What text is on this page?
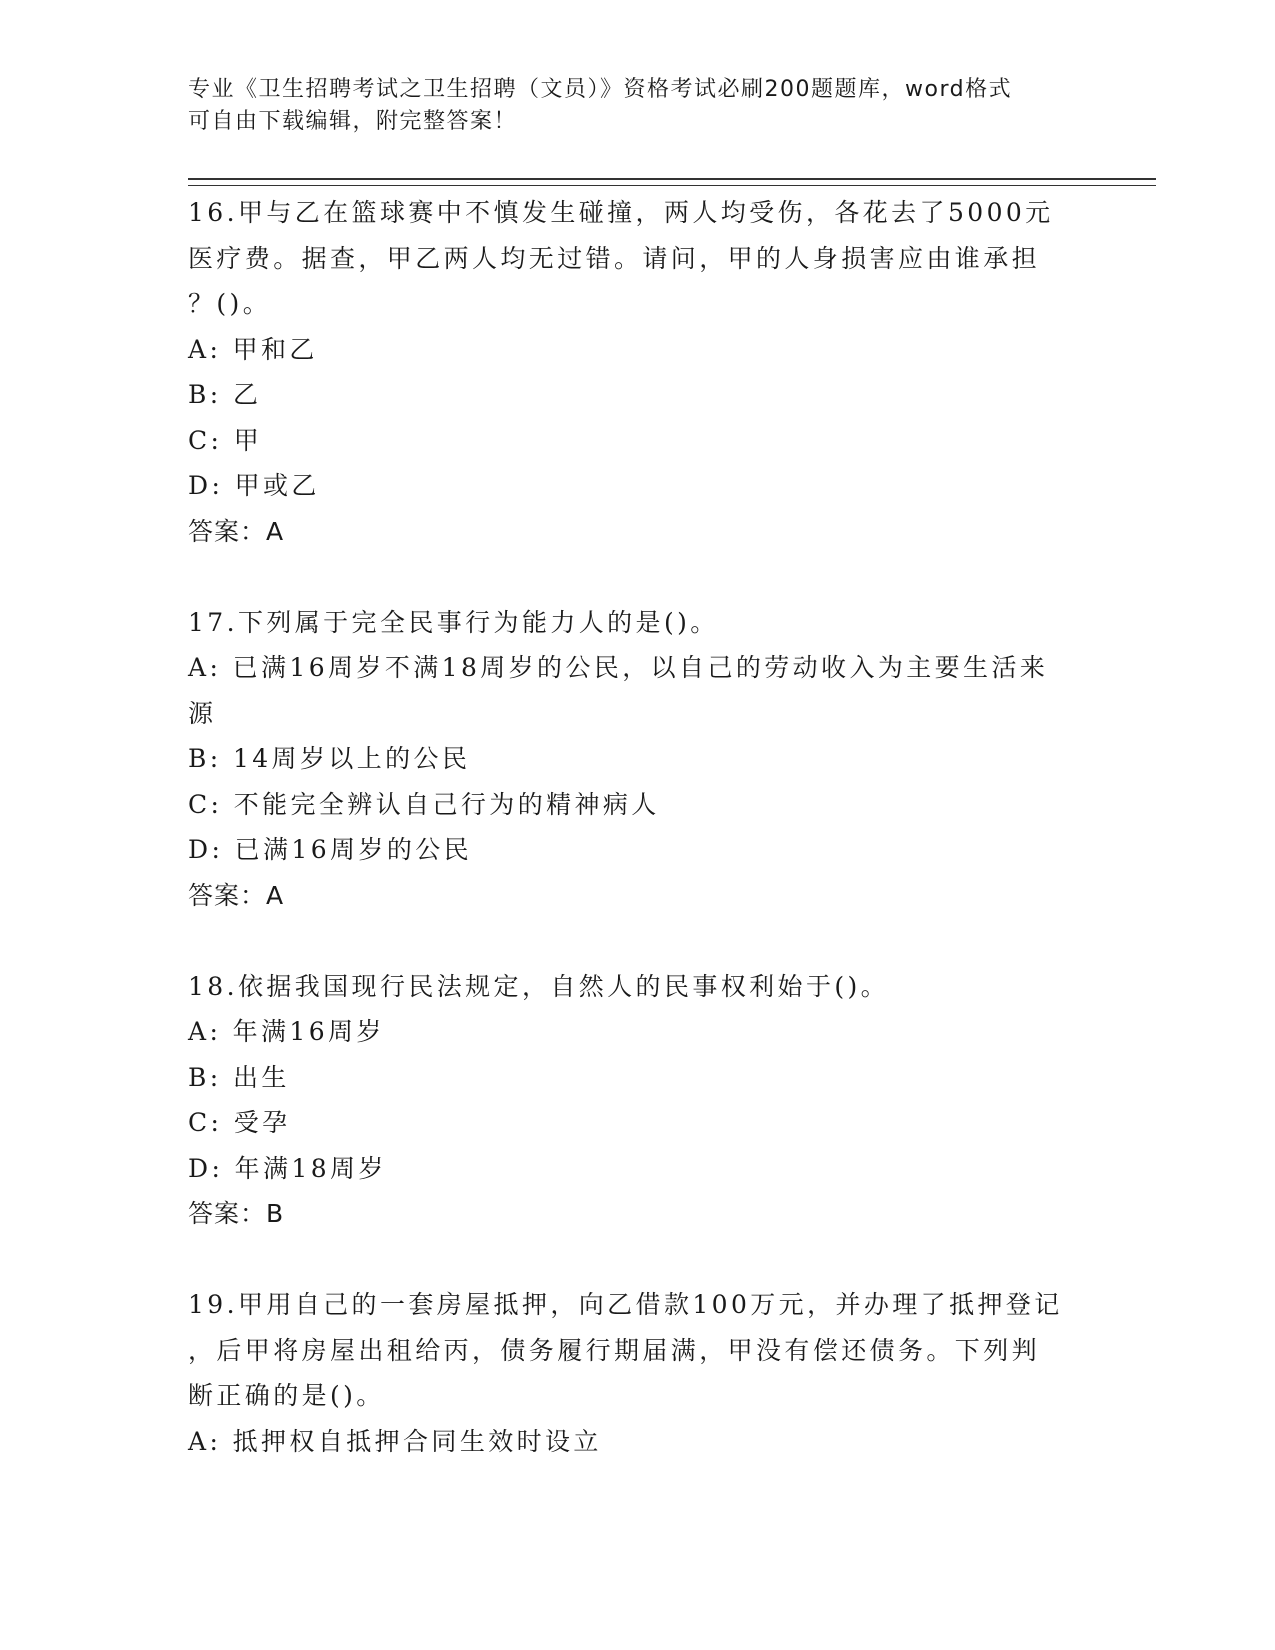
专业《卫生招聘考试之卫生招聘（文员）》资格考试必刷200题题库，word格式
可自由下载编辑，附完整答案！
16.甲与乙在篮球赛中不慎发生碰撞，两人均受伤，各花去了5000元
医疗费。据查，甲乙两人均无过错。请问，甲的人身损害应由谁承担
？()。
A: 甲和乙
B: 乙
C: 甲
D: 甲或乙
答案：A
17.下列属于完全民事行为能力人的是()。
A: 已满16周岁不满18周岁的公民，以自己的劳动收入为主要生活来
源
B: 14周岁以上的公民
C: 不能完全辨认自己行为的精神病人
D: 已满16周岁的公民
答案：A
18.依据我国现行民法规定，自然人的民事权利始于()。
A: 年满16周岁
B: 出生
C: 受孕
D: 年满18周岁
答案：B
19.甲用自己的一套房屋抵押，向乙借款100万元，并办理了抵押登记
，后甲将房屋出租给丙，债务履行期届满，甲没有偿还债务。下列判
断正确的是()。
A: 抵押权自抵押合同生效时设立
